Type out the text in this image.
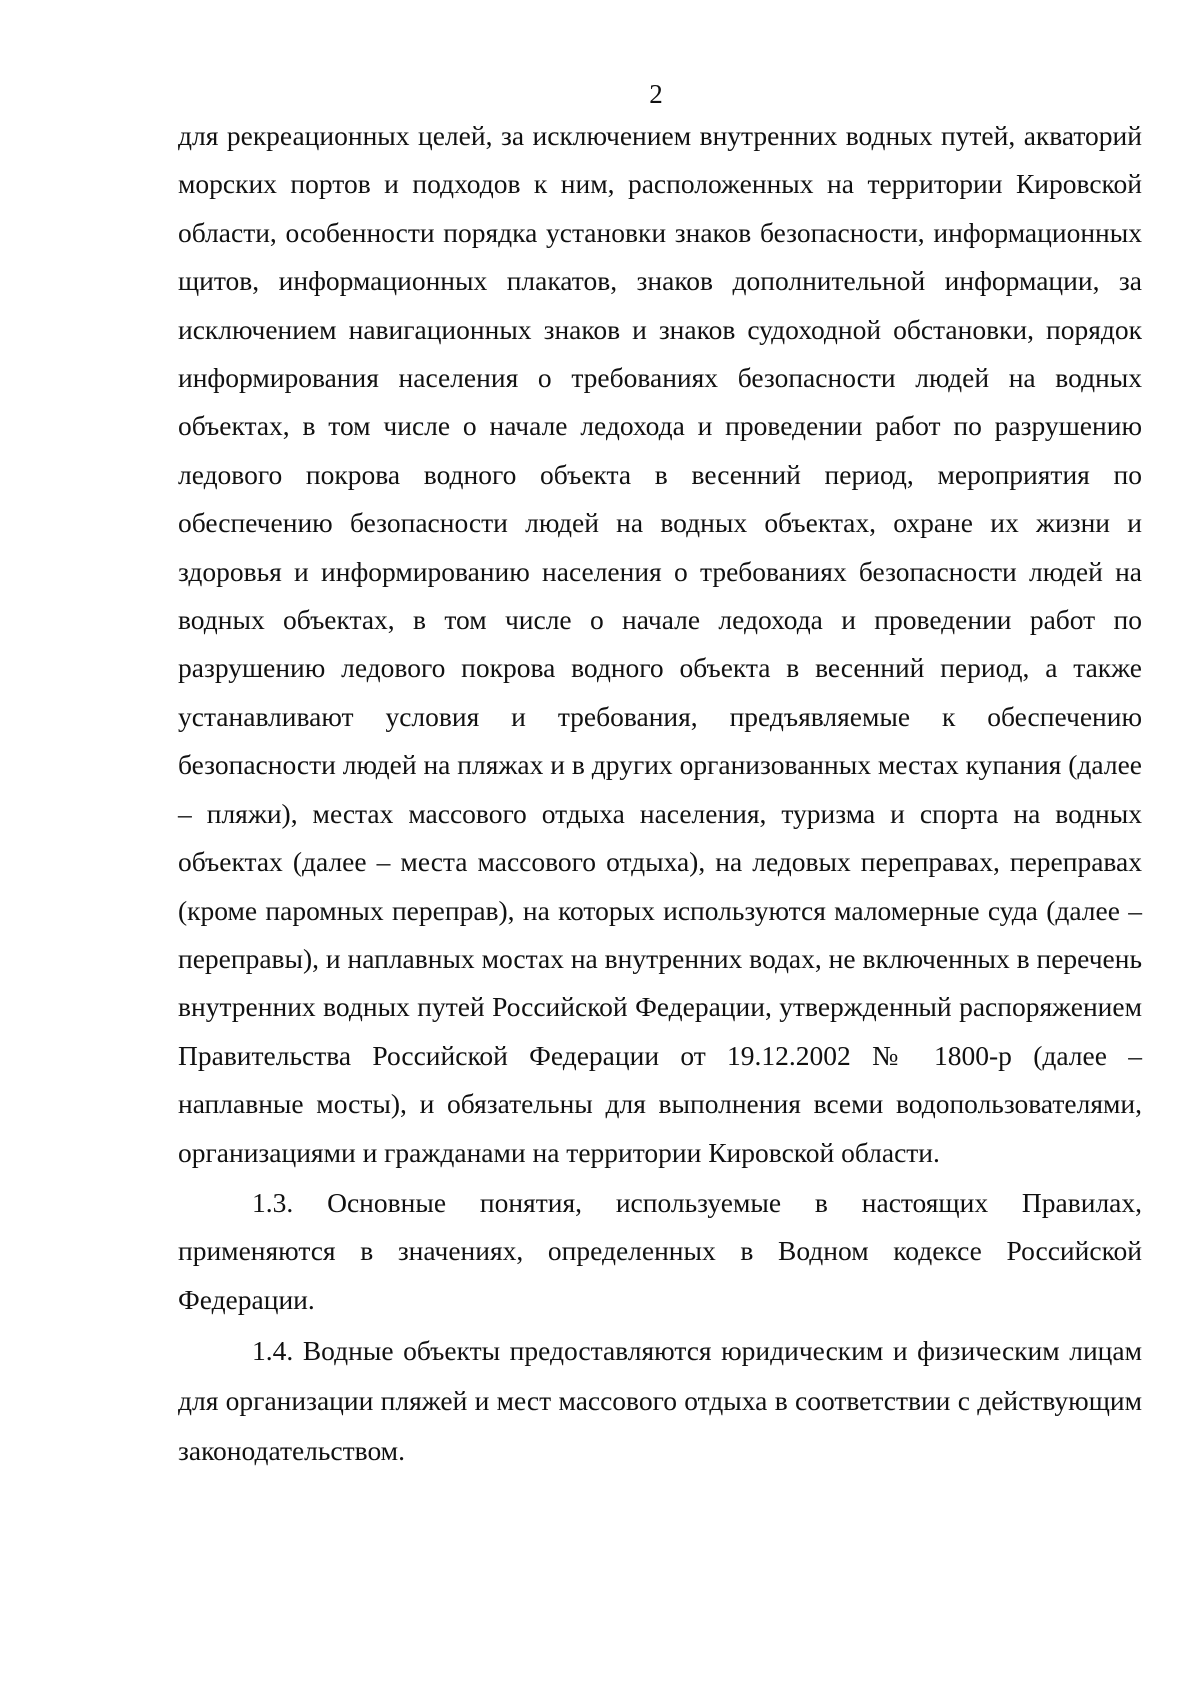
2

для рекреационных целей, за исключением внутренних водных путей, акваторий морских портов и подходов к ним, расположенных на территории Кировской области, особенности порядка установки знаков безопасности, информационных щитов, информационных плакатов, знаков дополнительной информации, за исключением навигационных знаков и знаков судоходной обстановки, порядок информирования населения о требованиях безопасности людей на водных объектах, в том числе о начале ледохода и проведении работ по разрушению ледового покрова водного объекта в весенний период, мероприятия по обеспечению безопасности людей на водных объектах, охране их жизни и здоровья и информированию населения о требованиях безопасности людей на водных объектах, в том числе о начале ледохода и проведении работ по разрушению ледового покрова водного объекта в весенний период, а также устанавливают условия и требования, предъявляемые к обеспечению безопасности людей на пляжах и в других организованных местах купания (далее – пляжи), местах массового отдыха населения, туризма и спорта на водных объектах (далее – места массового отдыха), на ледовых переправах, переправах (кроме паромных переправ), на которых используются маломерные суда (далее – переправы), и наплавных мостах на внутренних водах, не включенных в перечень внутренних водных путей Российской Федерации, утвержденный распоряжением Правительства Российской Федерации от 19.12.2002 № 1800-р (далее – наплавные мосты), и обязательны для выполнения всеми водопользователями, организациями и гражданами на территории Кировской области.

1.3. Основные понятия, используемые в настоящих Правилах, применяются в значениях, определенных в Водном кодексе Российской Федерации.

1.4. Водные объекты предоставляются юридическим и физическим лицам для организации пляжей и мест массового отдыха в соответствии с действующим законодательством.
